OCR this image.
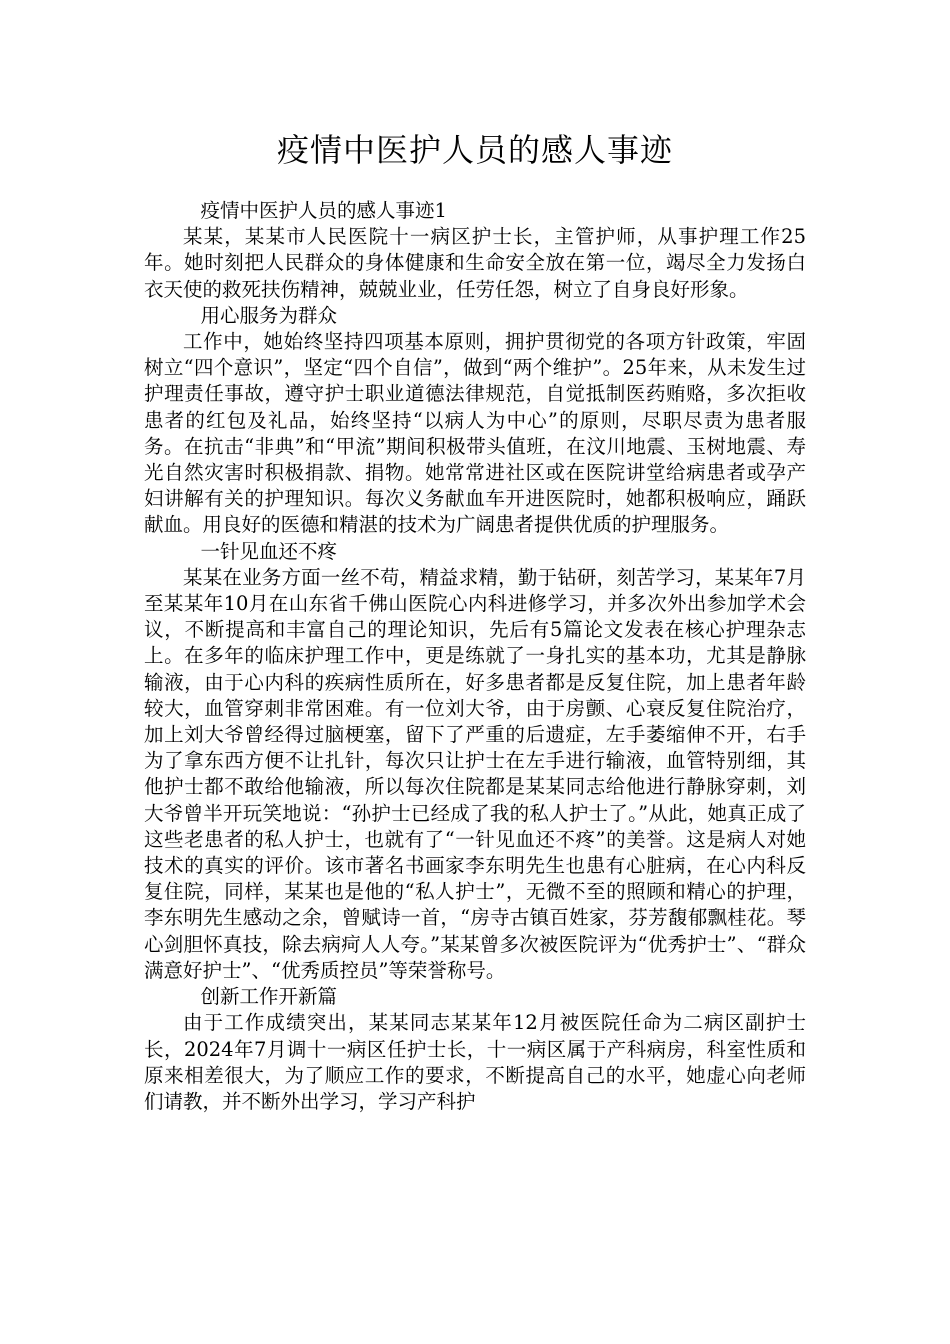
疫情中医护人员的感人事迹

疫情中医护人员的感人事迹1

某某，某某市人民医院十一病区护士长，主管护师，从事护理工作25年。她时刻把人民群众的身体健康和生命安全放在第一位，竭尽全力发扬白衣天使的救死扶伤精神，兢兢业业，任劳任怨，树立了自身良好形象。

用心服务为群众

工作中，她始终坚持四项基本原则，拥护贯彻党的各项方针政策，牢固树立“四个意识”，坚定“四个自信”，做到“两个维护”。25年来，从未发生过护理责任事故，遵守护士职业道德法律规范，自觉抵制医药贿赂，多次拒收患者的红包及礼品，始终坚持“以病人为中心”的原则，尽职尽责为患者服务。在抗击“非典”和“甲流”期间积极带头值班，在汶川地震、玉树地震、寿光自然灾害时积极捐款、捐物。她常常进社区或在医院讲堂给病患者或孕产妇讲解有关的护理知识。每次义务献血车开进医院时，她都积极响应，踊跃献血。用良好的医德和精湛的技术为广阔患者提供优质的护理服务。

一针见血还不疼

某某在业务方面一丝不苟，精益求精，勤于钻研，刻苦学习，某某年7月至某某年10月在山东省千佛山医院心内科进修学习，并多次外出参加学术会议，不断提高和丰富自己的理论知识，先后有5篇论文发表在核心护理杂志上。在多年的临床护理工作中，更是练就了一身扎实的基本功，尤其是静脉输液，由于心内科的疾病性质所在，好多患者都是反复住院，加上患者年龄较大，血管穿刺非常困难。有一位刘大爷，由于房颤、心衰反复住院治疗，加上刘大爷曾经得过脑梗塞，留下了严重的后遗症，左手萎缩伸不开，右手为了拿东西方便不让扎针，每次只让护士在左手进行输液，血管特别细，其他护士都不敢给他输液，所以每次住院都是某某同志给他进行静脉穿刺，刘大爷曾半开玩笑地说：“孙护士已经成了我的私人护士了。”从此，她真正成了这些老患者的私人护士，也就有了“一针见血还不疼”的美誉。这是病人对她技术的真实的评价。该市著名书画家李东明先生也患有心脏病，在心内科反复住院，同样，某某也是他的“私人护士”，无微不至的照顾和精心的护理，李东明先生感动之余，曾赋诗一首，“房寺古镇百姓家，芬芳馥郁飘桂花。琴心剑胆怀真技，除去病疴人人夸。”某某曾多次被医院评为“优秀护士”、“群众满意好护士”、“优秀质控员”等荣誉称号。

创新工作开新篇

由于工作成绩突出，某某同志某某年12月被医院任命为二病区副护士长，2024年7月调十一病区任护士长，十一病区属于产科病房，科室性质和原来相差很大，为了顺应工作的要求，不断提高自己的水平，她虚心向老师们请教，并不断外出学习，学习产科护
